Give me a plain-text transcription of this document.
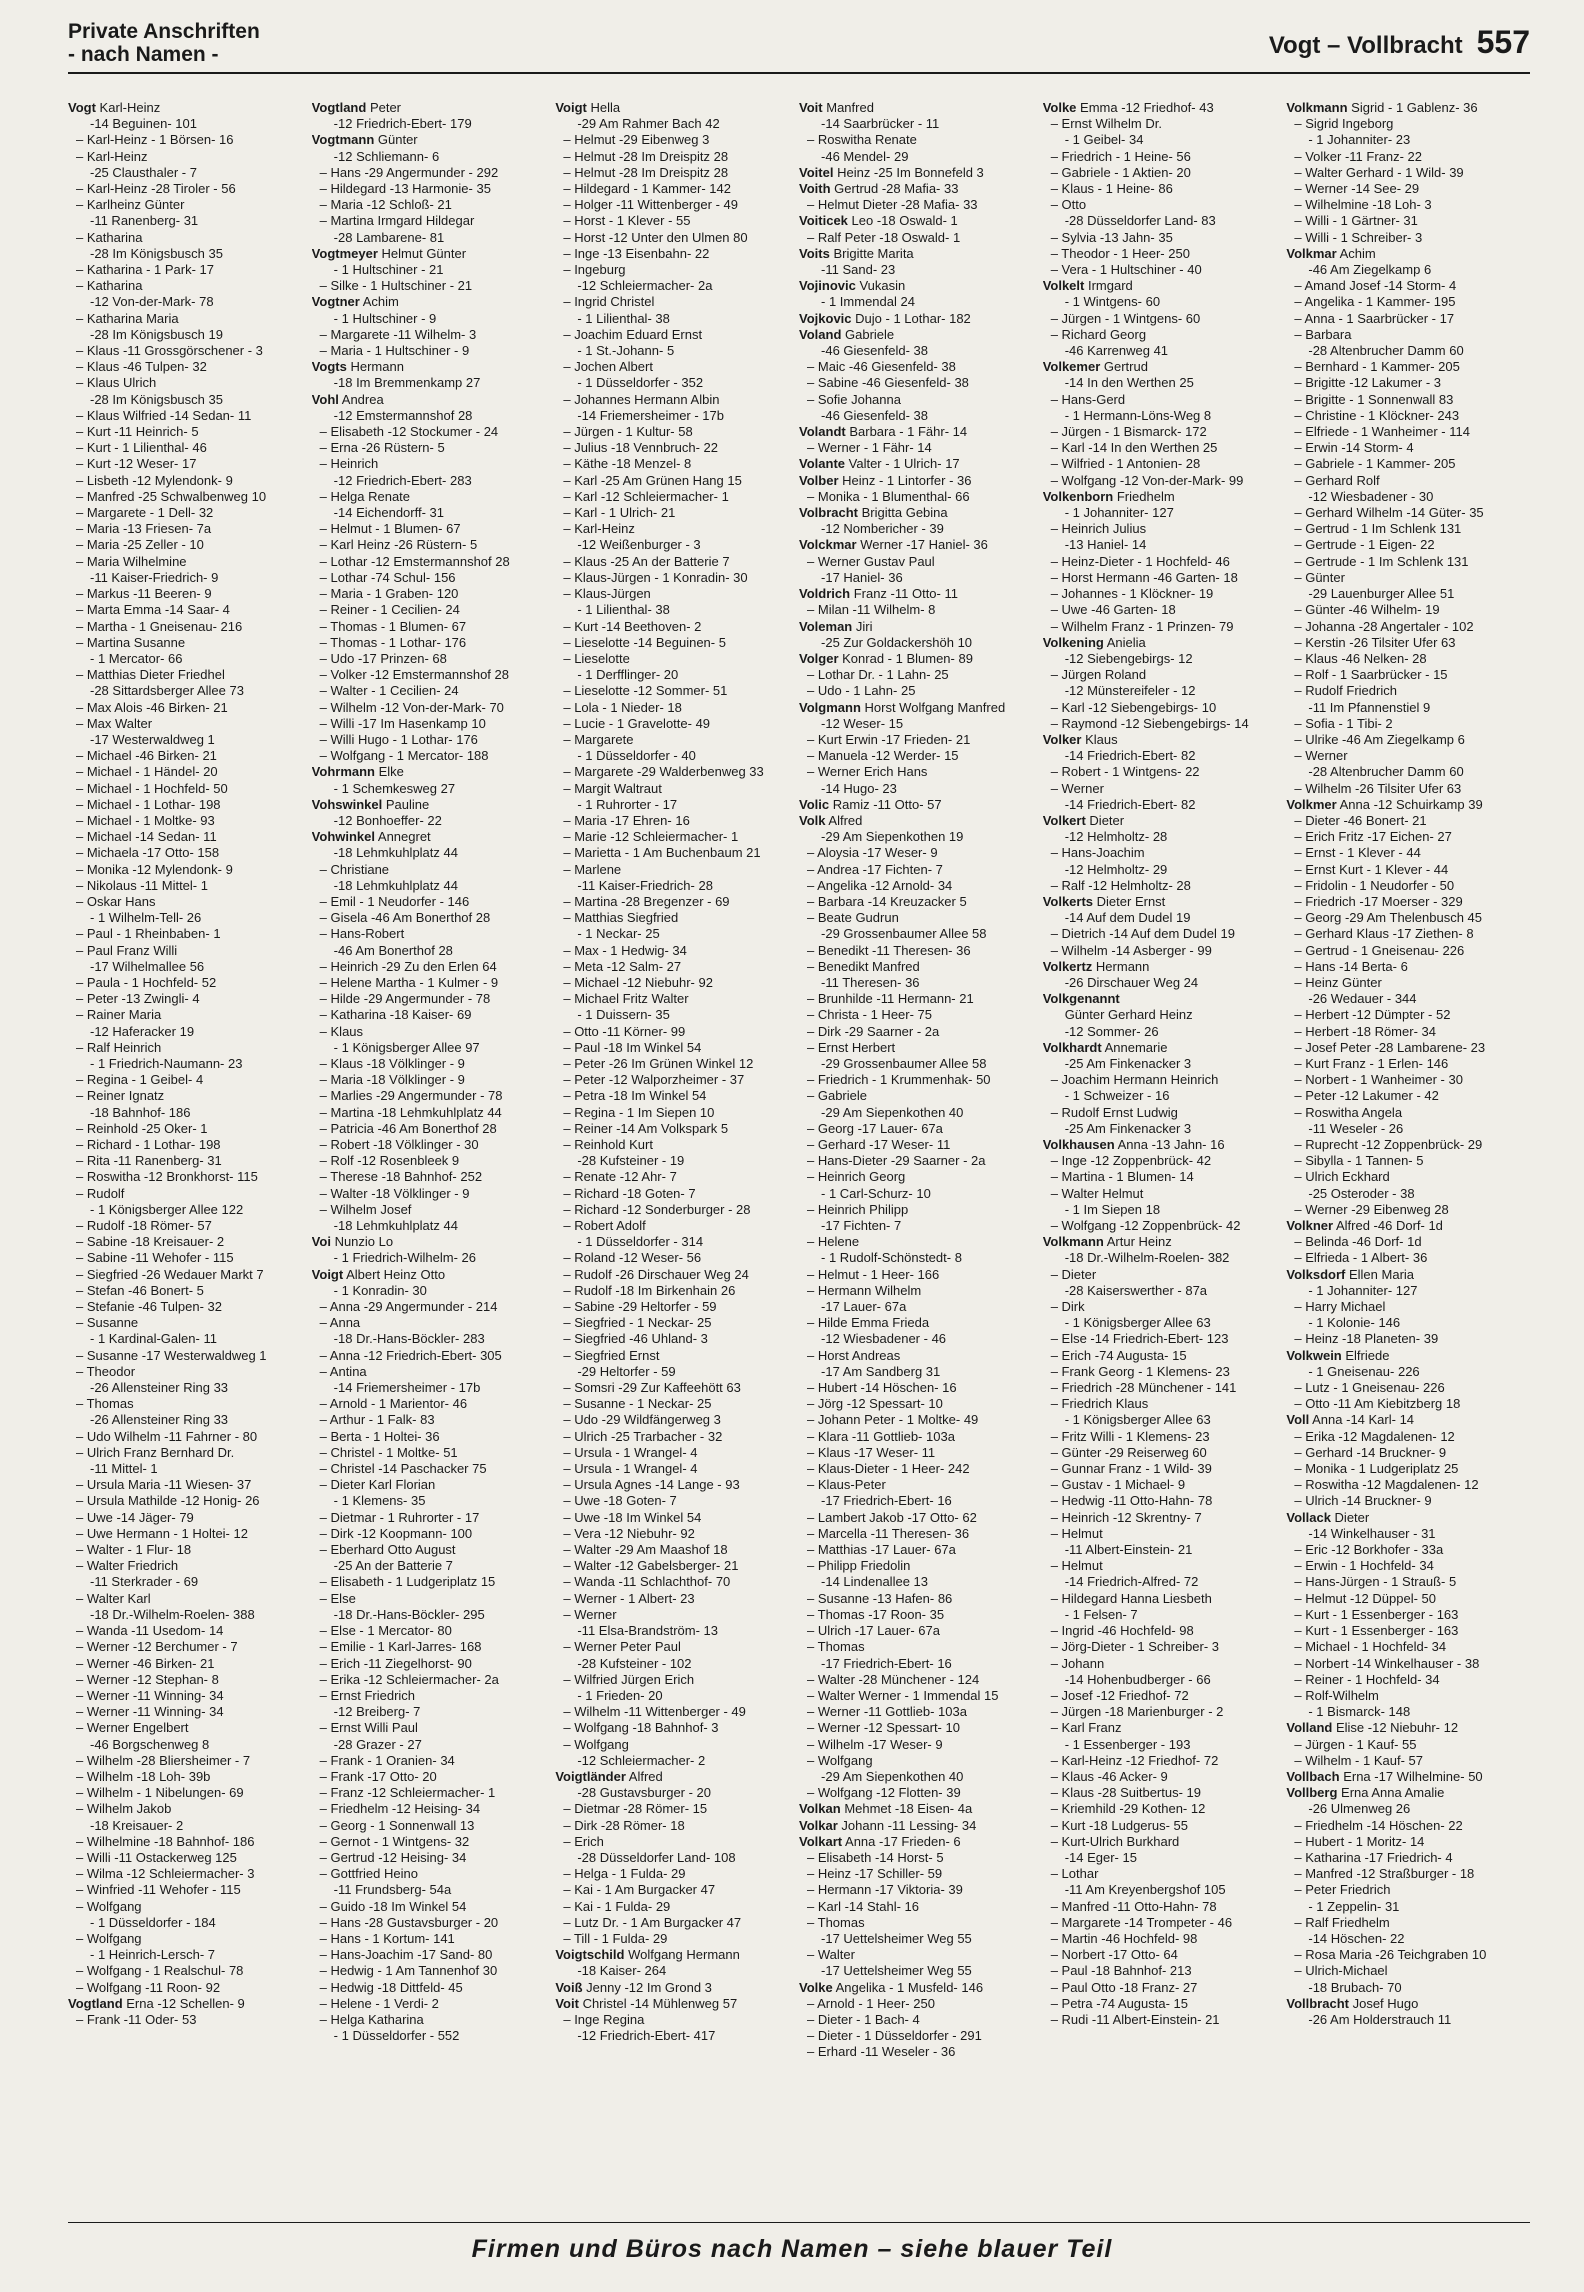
Private Anschriften
- nach Namen -	Vogt – Vollbracht 557
Vogt Karl-Heinz
-14 Beguinen- 101
– Karl-Heinz - 1 Börsen- 16
– Karl-Heinz
-25 Clausthaler - 7
– Karl-Heinz -28 Tiroler - 56
– Karlheinz Günter
-11 Ranenberg- 31
– Katharina
-28 Im Königsbusch 35
– Katharina - 1 Park- 17
– Katharina
-12 Von-der-Mark- 78
– Katharina Maria
-28 Im Königsbusch 19
– Klaus -11 Grossgörschener - 3
– Klaus -46 Tulpen- 32
– Klaus Ulrich
-28 Im Königsbusch 35
– Klaus Wilfried -14 Sedan- 11
– Kurt -11 Heinrich- 5
– Kurt - 1 Lilienthal- 46
– Kurt -12 Weser- 17
– Lisbeth -12 Mylendonk- 9
– Manfred -25 Schwalbenweg 10
– Margarete - 1 Dell- 32
– Maria -13 Friesen- 7a
– Maria -25 Zeller - 10
– Maria Wilhelmine
-11 Kaiser-Friedrich- 9
– Markus -11 Beeren- 9
– Marta Emma -14 Saar- 4
– Martha - 1 Gneisenau- 216
– Martina Susanne
- 1 Mercator- 66
– Matthias Dieter Friedhel
-28 Sittardsberger Allee 73
– Max Alois -46 Birken- 21
– Max Walter
-17 Westerwaldweg 1
– Michael -46 Birken- 21
– Michael - 1 Händel- 20
– Michael - 1 Hochfeld- 50
– Michael - 1 Lothar- 198
– Michael - 1 Moltke- 93
– Michael -14 Sedan- 11
– Michaela -17 Otto- 158
– Monika -12 Mylendonk- 9
– Nikolaus -11 Mittel- 1
– Oskar Hans
- 1 Wilhelm-Tell- 26
– Paul - 1 Rheinbaben- 1
– Paul Franz Willi
-17 Wilhelmallee 56
– Paula - 1 Hochfeld- 52
– Peter -13 Zwingli- 4
– Rainer Maria
-12 Haferacker 19
– Ralf Heinrich
- 1 Friedrich-Naumann- 23
– Regina - 1 Geibel- 4
– Reiner Ignatz
-18 Bahnhof- 186
– Reinhold -25 Oker- 1
– Richard - 1 Lothar- 198
– Rita -11 Ranenberg- 31
– Roswitha -12 Bronkhorst- 115
– Rudolf
- 1 Königsberger Allee 122
– Rudolf -18 Römer- 57
– Sabine -18 Kreisauer- 2
– Sabine -11 Wehofer - 115
– Siegfried -26 Wedauer Markt 7
– Stefan -46 Bonert- 5
– Stefanie -46 Tulpen- 32
– Susanne
- 1 Kardinal-Galen- 11
– Susanne -17 Westerwaldweg 1
– Theodor
-26 Allensteiner Ring 33
– Thomas
-26 Allensteiner Ring 33
– Udo Wilhelm -11 Fahrner - 80
– Ulrich Franz Bernhard Dr.
-11 Mittel- 1
– Ursula Maria -11 Wiesen- 37
– Ursula Mathilde -12 Honig- 26
– Uwe -14 Jäger- 79
– Uwe Hermann - 1 Holtei- 12
– Walter - 1 Flur- 18
– Walter Friedrich
-11 Sterkrader - 69
– Walter Karl
-18 Dr.-Wilhelm-Roelen- 388
– Wanda -11 Usedom- 14
– Werner -12 Berchumer - 7
– Werner -46 Birken- 21
– Werner -12 Stephan- 8
– Werner -11 Winning- 34
– Werner -11 Winning- 34
– Werner Engelbert
-46 Borgschenweg 8
– Wilhelm -28 Bliersheimer - 7
– Wilhelm -18 Loh- 39b
– Wilhelm - 1 Nibelungen- 69
– Wilhelm Jakob
-18 Kreisauer- 2
– Wilhelmine -18 Bahnhof- 186
– Willi -11 Ostackerweg 125
– Wilma -12 Schleiermacher- 3
– Winfried -11 Wehofer - 115
– Wolfgang
- 1 Düsseldorfer - 184
– Wolfgang
- 1 Heinrich-Lersch- 7
– Wolfgang - 1 Realschul- 78
– Wolfgang -11 Roon- 92
Vogtland Erna -12 Schellen- 9
– Frank -11 Oder- 53
Vogtland Peter
-12 Friedrich-Ebert- 179
Vogtmann Günter
-12 Schliemann- 6
– Hans -29 Angermunder - 292
– Hildegard -13 Harmonie- 35
– Maria -12 Schloß- 21
– Martina Irmgard Hildegar
-28 Lambarene- 81
Vogtmeyer Helmut Günter
- 1 Hultschiner - 21
– Silke - 1 Hultschiner - 21
Vogtner Achim
- 1 Hultschiner - 9
– Margarete -11 Wilhelm- 3
– Maria - 1 Hultschiner - 9
Vogts Hermann
-18 Im Bremmenkamp 27
Vohl Andrea
-12 Emstermannshof 28
– Elisabeth -12 Stockumer - 24
– Erna -26 Rüstern- 5
– Heinrich
-12 Friedrich-Ebert- 283
– Helga Renate
-14 Eichendorff- 31
– Helmut - 1 Blumen- 67
– Karl Heinz -26 Rüstern- 5
– Lothar -12 Emstermannshof 28
– Lothar -74 Schul- 156
– Maria - 1 Graben- 120
– Reiner - 1 Cecilien- 24
– Thomas - 1 Blumen- 67
– Thomas - 1 Lothar- 176
– Udo -17 Prinzen- 68
– Volker -12 Emstermannshof 28
– Walter - 1 Cecilien- 24
– Wilhelm -12 Von-der-Mark- 70
– Willi -17 Im Hasenkamp 10
– Willi Hugo - 1 Lothar- 176
– Wolfgang - 1 Mercator- 188
Vohrmann Elke
- 1 Schemkesweg 27
Vohswinkel Pauline
-12 Bonhoeffer- 22
Vohwinkel Annegret
-18 Lehmkuhlplatz 44
– Christiane
-18 Lehmkuhlplatz 44
– Emil - 1 Neudorfer - 146
– Gisela -46 Am Bonerthof 28
– Hans-Robert
-46 Am Bonerthof 28
– Heinrich -29 Zu den Erlen 64
– Helene Martha - 1 Kulmer - 9
– Hilde -29 Angermunder - 78
– Katharina -18 Kaiser- 69
– Klaus
- 1 Königsberger Allee 97
– Klaus -18 Völklinger - 9
– Maria -18 Völklinger - 9
– Marlies -29 Angermunder - 78
– Martina -18 Lehmkuhlplatz 44
– Patricia -46 Am Bonerthof 28
– Robert -18 Völklinger - 30
– Rolf -12 Rosenbleek 9
– Therese -18 Bahnhof- 252
– Walter -18 Völklinger - 9
– Wilhelm Josef
-18 Lehmkuhlplatz 44
Voi Nunzio Lo
- 1 Friedrich-Wilhelm- 26
Voigt Albert Heinz Otto
- 1 Konradin- 30
– Anna -29 Angermunder - 214
– Anna
-18 Dr.-Hans-Böckler- 283
– Anna -12 Friedrich-Ebert- 305
– Antina
-14 Friemersheimer - 17b
– Arnold - 1 Marientor- 46
– Arthur - 1 Falk- 83
– Berta - 1 Holtei- 36
– Christel - 1 Moltke- 51
– Christel -14 Paschacker 75
– Dieter Karl Florian
- 1 Klemens- 35
– Dietmar - 1 Ruhrorter - 17
– Dirk -12 Koopmann- 100
– Eberhard Otto August
-25 An der Batterie 7
– Elisabeth - 1 Ludgeriplatz 15
– Else
-18 Dr.-Hans-Böckler- 295
– Else - 1 Mercator- 80
– Emilie - 1 Karl-Jarres- 168
– Erich -11 Ziegelhorst- 90
– Erika -12 Schleiermacher- 2a
– Ernst Friedrich
-12 Breiberg- 7
– Ernst Willi Paul
-28 Grazer - 27
– Frank - 1 Oranien- 34
– Frank -17 Otto- 20
– Franz -12 Schleiermacher- 1
– Friedhelm -12 Heising- 34
– Georg - 1 Sonnenwall 13
– Gernot - 1 Wintgens- 32
– Gertrud -12 Heising- 34
– Gottfried Heino
-11 Frundsberg- 54a
– Guido -18 Im Winkel 54
– Hans -28 Gustavsburger - 20
– Hans - 1 Kortum- 141
– Hans-Joachim -17 Sand- 80
– Hedwig - 1 Am Tannenhof 30
– Hedwig -18 Dittfeld- 45
– Helene - 1 Verdi- 2
– Helga Katharina
- 1 Düsseldorfer - 552
Voigt Hella
-29 Am Rahmer Bach 42
– Helmut -29 Eibenweg 3
– Helmut -28 Im Dreispitz 28
– Helmut -28 Im Dreispitz 28
– Hildegard - 1 Kammer- 142
– Holger -11 Wittenberger - 49
– Horst - 1 Klever - 55
– Horst -12 Unter den Ulmen 80
– Inge -13 Eisenbahn- 22
– Ingeburg
-12 Schleiermacher- 2a
– Ingrid Christel
- 1 Lilienthal- 38
– Joachim Eduard Ernst
- 1 St.-Johann- 5
– Jochen Albert
- 1 Düsseldorfer - 352
– Johannes Hermann Albin
-14 Friemersheimer - 17b
– Jürgen - 1 Kultur- 58
– Julius -18 Vennbruch- 22
– Käthe -18 Menzel- 8
– Karl -25 Am Grünen Hang 15
– Karl -12 Schleiermacher- 1
– Karl - 1 Ulrich- 21
– Karl-Heinz
-12 Weißenburger - 3
– Klaus -25 An der Batterie 7
– Klaus-Jürgen - 1 Konradin- 30
– Klaus-Jürgen
- 1 Lilienthal- 38
– Kurt -14 Beethoven- 2
– Lieselotte -14 Beguinen- 5
– Lieselotte
- 1 Derfflinger- 20
– Lieselotte -12 Sommer- 51
– Lola - 1 Nieder- 18
– Lucie - 1 Gravelotte- 49
– Margarete
- 1 Düsseldorfer - 40
– Margarete -29 Walderbenweg 33
– Margit Waltraut
- 1 Ruhrorter - 17
– Maria -17 Ehren- 16
– Marie -12 Schleiermacher- 1
– Marietta - 1 Am Buchenbaum 21
– Marlene
-11 Kaiser-Friedrich- 28
– Martina -28 Bregenzer - 69
– Matthias Siegfried
- 1 Neckar- 25
– Max - 1 Hedwig- 34
– Meta -12 Salm- 27
– Michael -12 Niebuhr- 92
– Michael Fritz Walter
- 1 Duissern- 35
– Otto -11 Körner- 99
– Paul -18 Im Winkel 54
– Peter -26 Im Grünen Winkel 12
– Peter -12 Walporzheimer - 37
– Petra -18 Im Winkel 54
– Regina - 1 Im Siepen 10
– Reiner -14 Am Volkspark 5
– Reinhold Kurt
-28 Kufsteiner - 19
– Renate -12 Ahr- 7
– Richard -18 Goten- 7
– Richard -12 Sonderburger - 28
– Robert Adolf
- 1 Düsseldorfer - 314
– Roland -12 Weser- 56
– Rudolf -26 Dirschauer Weg 24
– Rudolf -18 Im Birkenhain 26
– Sabine -29 Heltorfer - 59
– Siegfried - 1 Neckar- 25
– Siegfried -46 Uhland- 3
– Siegfried Ernst
-29 Heltorfer - 59
– Somsri -29 Zur Kaffeehött 63
– Susanne - 1 Neckar- 25
– Udo -29 Wildfängerweg 3
– Ulrich -25 Trarbacher - 32
– Ursula - 1 Wrangel- 4
– Ursula - 1 Wrangel- 4
– Ursula Agnes -14 Lange - 93
– Uwe -18 Goten- 7
– Uwe -18 Im Winkel 54
– Vera -12 Niebuhr- 92
– Walter -29 Am Maashof 18
– Walter -12 Gabelsberger- 21
– Wanda -11 Schlachthof- 70
– Werner - 1 Albert- 23
– Werner
-11 Elsa-Brandström- 13
– Werner Peter Paul
-28 Kufsteiner - 102
– Wilfried Jürgen Erich
- 1 Frieden- 20
– Wilhelm -11 Wittenberger - 49
– Wolfgang -18 Bahnhof- 3
– Wolfgang
-12 Schleiermacher- 2
Voigtländer Alfred
-28 Gustavsburger - 20
– Dietmar -28 Römer- 15
– Dirk -28 Römer- 18
– Erich
-28 Düsseldorfer Land- 108
– Helga - 1 Fulda- 29
– Kai - 1 Am Burgacker 47
– Kai - 1 Fulda- 29
– Lutz Dr. - 1 Am Burgacker 47
– Till - 1 Fulda- 29
Voigtschild Wolfgang Hermann
-18 Kaiser- 264
Voiß Jenny -12 Im Grond 3
Voit Christel -14 Mühlenweg 57
– Inge Regina
-12 Friedrich-Ebert- 417
Voit Manfred
-14 Saarbrücker - 11
– Roswitha Renate
-46 Mendel- 29
Voitel Heinz -25 Im Bonnefeld 3
Voith Gertrud -28 Mafia- 33
– Helmut Dieter -28 Mafia- 33
Voiticek Leo -18 Oswald- 1
– Ralf Peter -18 Oswald- 1
Voits Brigitte Marita
-11 Sand- 23
Vojinovic Vukasin
- 1 Immendal 24
Vojkovic Dujo - 1 Lothar- 182
Voland Gabriele
-46 Giesenfeld- 38
– Maic -46 Giesenfeld- 38
– Sabine -46 Giesenfeld- 38
– Sofie Johanna
-46 Giesenfeld- 38
Volandt Barbara - 1 Fähr- 14
– Werner - 1 Fähr- 14
Volante Valter - 1 Ulrich- 17
Volber Heinz - 1 Lintorfer - 36
– Monika - 1 Blumenthal- 66
Volbracht Brigitta Gebina
-12 Nombericher - 39
Volckmar Werner -17 Haniel- 36
– Werner Gustav Paul
-17 Haniel- 36
Voldrich Franz -11 Otto- 11
– Milan -11 Wilhelm- 8
Voleman Jiri
-25 Zur Goldackershöh 10
Volger Konrad - 1 Blumen- 89
– Lothar Dr. - 1 Lahn- 25
– Udo - 1 Lahn- 25
Volgmann Horst Wolfgang Manfred
-12 Weser- 15
– Kurt Erwin -17 Frieden- 21
– Manuela -12 Werder- 15
– Werner Erich Hans
-14 Hugo- 23
Volic Ramiz -11 Otto- 57
Volk Alfred
-29 Am Siepenkothen 19
– Aloysia -17 Weser- 9
– Andrea -17 Fichten- 7
– Angelika -12 Arnold- 34
– Barbara -14 Kreuzacker 5
– Beate Gudrun
-29 Grossenbaumer Allee 58
– Benedikt -11 Theresen- 36
– Benedikt Manfred
-11 Theresen- 36
– Brunhilde -11 Hermann- 21
– Christa - 1 Heer- 75
– Dirk -29 Saarner - 2a
– Ernst Herbert
-29 Grossenbaumer Allee 58
– Friedrich - 1 Krummenhak- 50
– Gabriele
-29 Am Siepenkothen 40
– Georg -17 Lauer- 67a
– Gerhard -17 Weser- 11
– Hans-Dieter -29 Saarner - 2a
– Heinrich Georg
- 1 Carl-Schurz- 10
– Heinrich Philipp
-17 Fichten- 7
– Helene
- 1 Rudolf-Schönstedt- 8
– Helmut - 1 Heer- 166
– Hermann Wilhelm
-17 Lauer- 67a
– Hilde Emma Frieda
-12 Wiesbadener - 46
– Horst Andreas
-17 Am Sandberg 31
– Hubert -14 Höschen- 16
– Jörg -12 Spessart- 10
– Johann Peter - 1 Moltke- 49
– Klara -11 Gottlieb- 103a
– Klaus -17 Weser- 11
– Klaus-Dieter - 1 Heer- 242
– Klaus-Peter
-17 Friedrich-Ebert- 16
– Lambert Jakob -17 Otto- 62
– Marcella -11 Theresen- 36
– Matthias -17 Lauer- 67a
– Philipp Friedolin
-14 Lindenallee 13
– Susanne -13 Hafen- 86
– Thomas -17 Roon- 35
– Ulrich -17 Lauer- 67a
– Thomas
-17 Friedrich-Ebert- 16
– Walter -28 Münchener - 124
– Walter Werner - 1 Immendal 15
– Werner -11 Gottlieb- 103a
– Werner -12 Spessart- 10
– Wilhelm -17 Weser- 9
– Wolfgang
-29 Am Siepenkothen 40
– Wolfgang -12 Flotten- 39
Volkan Mehmet -18 Eisen- 4a
Volkar Johann -11 Lessing- 34
Volkart Anna -17 Frieden- 6
– Elisabeth -14 Horst- 5
– Heinz -17 Schiller- 59
– Hermann -17 Viktoria- 39
– Karl -14 Stahl- 16
– Thomas
-17 Uettelsheimer Weg 55
– Walter
-17 Uettelsheimer Weg 55
Volke Angelika - 1 Musfeld- 146
– Arnold - 1 Heer- 250
– Dieter - 1 Bach- 4
– Dieter - 1 Düsseldorfer - 291
– Erhard -11 Weseler - 36
Volke Emma -12 Friedhof- 43
– Ernst Wilhelm Dr.
- 1 Geibel- 34
– Friedrich - 1 Heine- 56
– Gabriele - 1 Aktien- 20
– Klaus - 1 Heine- 86
– Otto
-28 Düsseldorfer Land- 83
– Sylvia -13 Jahn- 35
– Theodor - 1 Heer- 250
– Vera - 1 Hultschiner - 40
Volkelt Irmgard
- 1 Wintgens- 60
– Jürgen - 1 Wintgens- 60
– Richard Georg
-46 Karrenweg 41
Volkemer Gertrud
-14 In den Werthen 25
– Hans-Gerd
- 1 Hermann-Löns-Weg 8
– Jürgen - 1 Bismarck- 172
– Karl -14 In den Werthen 25
– Wilfried - 1 Antonien- 28
– Wolfgang -12 Von-der-Mark- 99
Volkenborn Friedhelm
- 1 Johanniter- 127
– Heinrich Julius
-13 Haniel- 14
– Heinz-Dieter - 1 Hochfeld- 46
– Horst Hermann -46 Garten- 18
– Johannes - 1 Klöckner- 19
– Uwe -46 Garten- 18
– Wilhelm Franz - 1 Prinzen- 79
Volkening Anielia
-12 Siebengebirgs- 12
– Jürgen Roland
-12 Münstereifeler - 12
– Karl -12 Siebengebirgs- 10
– Raymond -12 Siebengebirgs- 14
Volker Klaus
-14 Friedrich-Ebert- 82
– Robert - 1 Wintgens- 22
– Werner
-14 Friedrich-Ebert- 82
Volkert Dieter
-12 Helmholtz- 28
– Hans-Joachim
-12 Helmholtz- 29
– Ralf -12 Helmholtz- 28
Volkerts Dieter Ernst
-14 Auf dem Dudel 19
– Dietrich -14 Auf dem Dudel 19
– Wilhelm -14 Asberger - 99
Volkertz Hermann
-26 Dirschauer Weg 24
Volkgenannt
Günter Gerhard Heinz
-12 Sommer- 26
Volkhardt Annemarie
-25 Am Finkenacker 3
– Joachim Hermann Heinrich
- 1 Schweizer - 16
– Rudolf Ernst Ludwig
-25 Am Finkenacker 3
Volkhausen Anna -13 Jahn- 16
– Inge -12 Zoppenbrück- 42
– Martina - 1 Blumen- 14
– Walter Helmut
- 1 Im Siepen 18
– Wolfgang -12 Zoppenbrück- 42
Volkmann Artur Heinz
-18 Dr.-Wilhelm-Roelen- 382
– Dieter
-28 Kaiserswerther - 87a
– Dirk
- 1 Königsberger Allee 63
– Else -14 Friedrich-Ebert- 123
– Erich -74 Augusta- 15
– Frank Georg - 1 Klemens- 23
– Friedrich -28 Münchener - 141
– Friedrich Klaus
- 1 Königsberger Allee 63
– Fritz Willi - 1 Klemens- 23
– Günter -29 Reiserweg 60
– Gunnar Franz - 1 Wild- 39
– Gustav - 1 Michael- 9
– Hedwig -11 Otto-Hahn- 78
– Heinrich -12 Skrentny- 7
– Helmut
-11 Albert-Einstein- 21
– Helmut
-14 Friedrich-Alfred- 72
– Hildegard Hanna Liesbeth
- 1 Felsen- 7
– Ingrid -46 Hochfeld- 98
– Jörg-Dieter - 1 Schreiber- 3
– Johann
-14 Hohenbudberger - 66
– Josef -12 Friedhof- 72
– Jürgen -18 Marienburger - 2
– Karl Franz
- 1 Essenberger - 193
– Karl-Heinz -12 Friedhof- 72
– Klaus -46 Acker- 9
– Klaus -28 Suitbertus- 19
– Kriemhild -29 Kothen- 12
– Kurt -18 Ludgerus- 55
– Kurt-Ulrich Burkhard
-14 Eger- 15
– Lothar
-11 Am Kreyenbergshof 105
– Manfred -11 Otto-Hahn- 78
– Margarete -14 Trompeter - 46
– Martin -46 Hochfeld- 98
– Norbert -17 Otto- 64
– Paul -18 Bahnhof- 213
– Paul Otto -18 Franz- 27
– Petra -74 Augusta- 15
– Rudi -11 Albert-Einstein- 21
Volkmann Sigrid - 1 Gablenz- 36
– Sigrid Ingeborg
- 1 Johanniter- 23
– Volker -11 Franz- 22
– Walter Gerhard - 1 Wild- 39
– Werner -14 See- 29
– Wilhelmine -18 Loh- 3
– Willi - 1 Gärtner- 31
– Willi - 1 Schreiber- 3
Volkmar Achim
-46 Am Ziegelkamp 6
– Amand Josef -14 Storm- 4
– Angelika - 1 Kammer- 195
– Anna - 1 Saarbrücker - 17
– Barbara
-28 Altenbrucher Damm 60
– Bernhard - 1 Kammer- 205
– Brigitte -12 Lakumer - 3
– Brigitte - 1 Sonnenwall 83
– Christine - 1 Klöckner- 243
– Elfriede - 1 Wanheimer - 114
– Erwin -14 Storm- 4
– Gabriele - 1 Kammer- 205
– Gerhard Rolf
-12 Wiesbadener - 30
– Gerhard Wilhelm -14 Güter- 35
– Gertrud - 1 Im Schlenk 131
– Gertrude - 1 Eigen- 22
– Gertrude - 1 Im Schlenk 131
– Günter
-29 Lauenburger Allee 51
– Günter -46 Wilhelm- 19
– Johanna -28 Angertaler - 102
– Kerstin -26 Tilsiter Ufer 63
– Klaus -46 Nelken- 28
– Rolf - 1 Saarbrücker - 15
– Rudolf Friedrich
-11 Im Pfannenstiel 9
– Sofia - 1 Tibi- 2
– Ulrike -46 Am Ziegelkamp 6
– Werner
-28 Altenbrucher Damm 60
– Wilhelm -26 Tilsiter Ufer 63
Volkmer Anna -12 Schuirkamp 39
– Dieter -46 Bonert- 21
– Erich Fritz -17 Eichen- 27
– Ernst - 1 Klever - 44
– Ernst Kurt - 1 Klever - 44
– Fridolin - 1 Neudorfer - 50
– Friedrich -17 Moerser - 329
– Georg -29 Am Thelenbusch 45
– Gerhard Klaus -17 Ziethen- 8
– Gertrud - 1 Gneisenau- 226
– Hans -14 Berta- 6
– Heinz Günter
-26 Wedauer - 344
– Herbert -12 Dümpter - 52
– Herbert -18 Römer- 34
– Josef Peter -28 Lambarene- 23
– Kurt Franz - 1 Erlen- 146
– Norbert - 1 Wanheimer - 30
– Peter -12 Lakumer - 42
– Roswitha Angela
-11 Weseler - 26
– Ruprecht -12 Zoppenbrück- 29
– Sibylla - 1 Tannen- 5
– Ulrich Eckhard
-25 Osteroder - 38
– Werner -29 Eibenweg 28
Volkner Alfred -46 Dorf- 1d
– Belinda -46 Dorf- 1d
– Elfrieda - 1 Albert- 36
Volksdorf Ellen Maria
- 1 Johanniter- 127
– Harry Michael
- 1 Kolonie- 146
– Heinz -18 Planeten- 39
Volkwein Elfriede
- 1 Gneisenau- 226
– Lutz - 1 Gneisenau- 226
– Otto -11 Am Kiebitzberg 18
Voll Anna -14 Karl- 14
– Erika -12 Magdalenen- 12
– Gerhard -14 Bruckner- 9
– Monika - 1 Ludgeriplatz 25
– Roswitha -12 Magdalenen- 12
– Ulrich -14 Bruckner- 9
Vollack Dieter
-14 Winkelhauser - 31
– Eric -12 Borkhofer - 33a
– Erwin - 1 Hochfeld- 34
– Hans-Jürgen - 1 Strauß- 5
– Helmut -12 Düppel- 50
– Kurt - 1 Essenberger - 163
– Kurt - 1 Essenberger - 163
– Michael - 1 Hochfeld- 34
– Norbert -14 Winkelhauser - 38
– Reiner - 1 Hochfeld- 34
– Rolf-Wilhelm
- 1 Bismarck- 148
Volland Elise -12 Niebuhr- 12
– Jürgen - 1 Kauf- 55
– Wilhelm - 1 Kauf- 57
Vollbach Erna -17 Wilhelmine- 50
Vollberg Erna Anna Amalie
-26 Ulmenweg 26
– Friedhelm -14 Höschen- 22
– Hubert - 1 Moritz- 14
– Katharina -17 Friedrich- 4
– Manfred -12 Straßburger - 18
– Peter Friedrich
- 1 Zeppelin- 31
– Ralf Friedhelm
-14 Höschen- 22
– Rosa Maria -26 Teichgraben 10
– Ulrich-Michael
-18 Brubach- 70
Vollbracht Josef Hugo
-26 Am Holderstrauch 11
Firmen und Büros nach Namen – siehe blauer Teil
